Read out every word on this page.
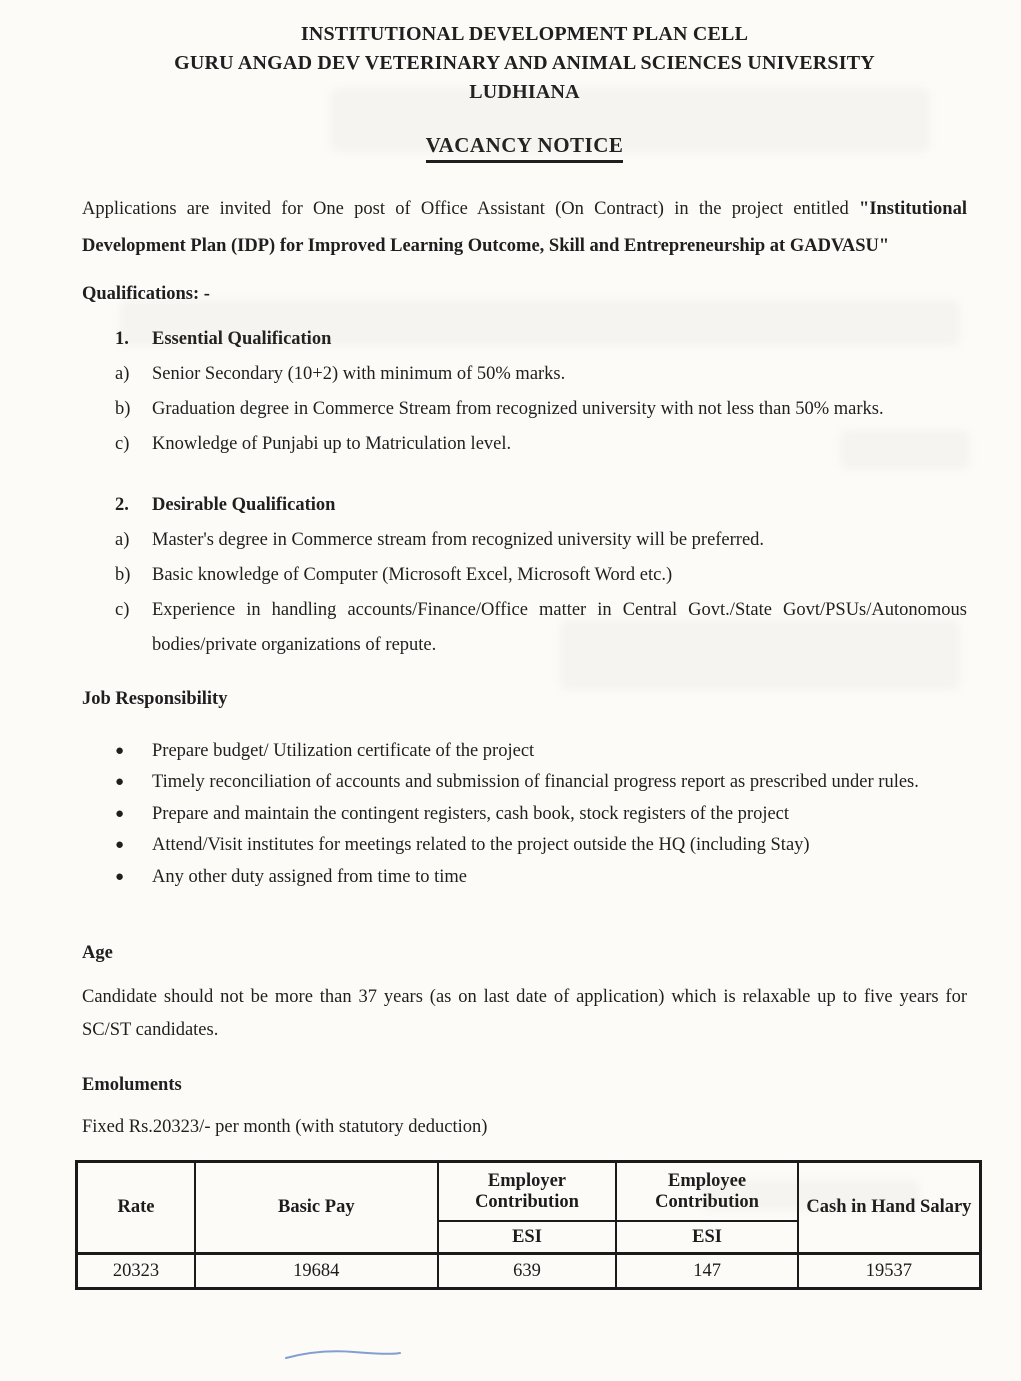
INSTITUTIONAL DEVELOPMENT PLAN CELL
GURU ANGAD DEV VETERINARY AND ANIMAL SCIENCES UNIVERSITY
LUDHIANA
VACANCY NOTICE

Applications are invited for One post of Office Assistant (On Contract) in the project entitled "Institutional Development Plan (IDP) for Improved Learning Outcome, Skill and Entrepreneurship at GADVASU"

Qualifications: -
1.	Essential Qualification
a)	Senior Secondary (10+2) with minimum of 50% marks.
b)	Graduation degree in Commerce Stream from recognized university with not less than 50% marks.
c)	Knowledge of Punjabi up to Matriculation level.
2.	Desirable Qualification
a)	Master's degree in Commerce stream from recognized university will be preferred.
b)	Basic knowledge of Computer (Microsoft Excel, Microsoft Word etc.)
c)	Experience in handling accounts/Finance/Office matter in Central Govt./State Govt/PSUs/Autonomous bodies/private organizations of repute.
Job Responsibility
●	Prepare budget/ Utilization certificate of the project
●	Timely reconciliation of accounts and submission of financial progress report as prescribed under rules.
●	Prepare and maintain the contingent registers, cash book, stock registers of the project
●	Attend/Visit institutes for meetings related to the project outside the HQ (including Stay)
●	Any other duty assigned from time to time
Age

Candidate should not be more than 37 years (as on last date of application) which is relaxable up to five years for SC/ST candidates.

Emoluments

Fixed Rs.20323/- per month (with statutory deduction)

Rate	Basic Pay	Employer Contribution	Employee Contribution	Cash in Hand Salary
		ESI	ESI	
20323	19684	639	147	19537
